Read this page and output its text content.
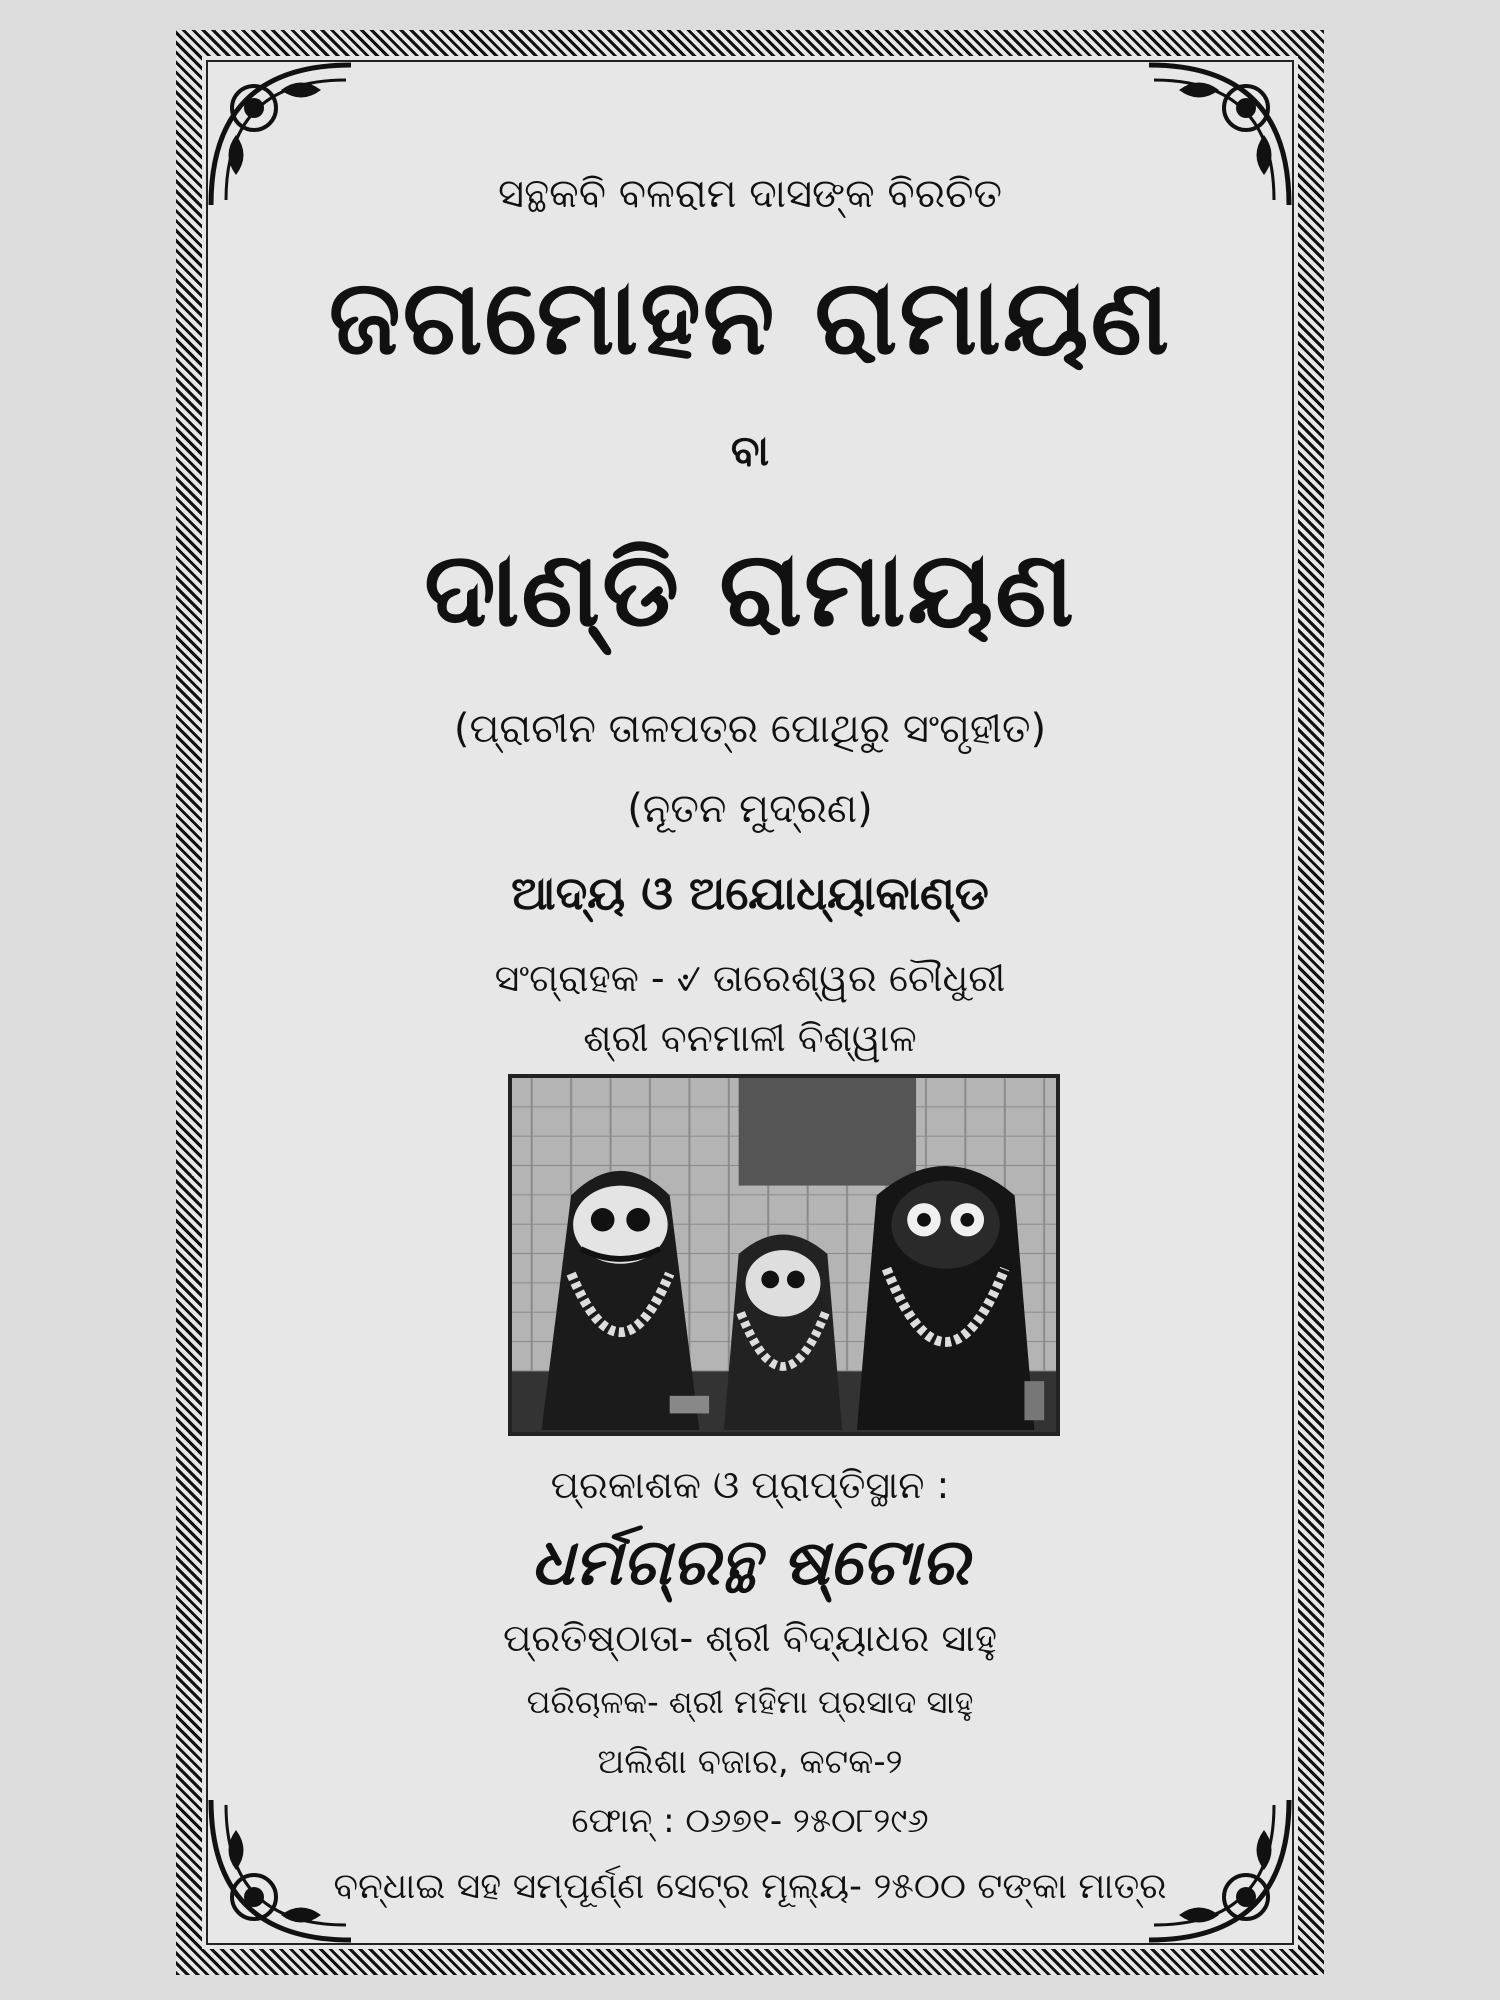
ସନ୍ଥକବି ବଳରାମ ଦାସଙ୍କ ବିରଚିତ
ଜଗମୋହନ ରାମାୟଣ
ବା
ଦାଣ୍ଡି ରାମାୟଣ
(ପ୍ରାଚୀନ ତାଳପତ୍ର ପୋଥିରୁ ସଂଗୃହୀତ)
(ନୂତନ ମୁଦ୍ରଣ)
ଆଦ୍ୟ ଓ ଅଯୋଧ୍ୟାକାଣ୍ଡ
ସଂଗ୍ରାହକ - ୰ ତାରେଶ୍ୱର ଚୌଧୁରୀ
ଶ୍ରୀ ବନମାଳୀ ବିଶ୍ୱାଳ
ପ୍ରକାଶକ ଓ ପ୍ରାପ୍ତିସ୍ଥାନ :
ଧର୍ମଗ୍ରନ୍ଥ ଷ୍ଟୋର
ପ୍ରତିଷ୍ଠାତା- ଶ୍ରୀ ବିଦ୍ୟାଧର ସାହୁ
ପରିଚାଳକ- ଶ୍ରୀ ମହିମା ପ୍ରସାଦ ସାହୁ
ଅଲିଶା ବଜାର, କଟକ-୨
ଫୋନ୍ : ୦୬୭୧- ୨୫୦୮୨୯୬
ବନ୍ଧାଇ ସହ ସମ୍ପୂର୍ଣ୍ଣ ସେଟ୍‌ର ମୂଲ୍ୟ- ୨୫୦୦ ଟଙ୍କା ମାତ୍ର
